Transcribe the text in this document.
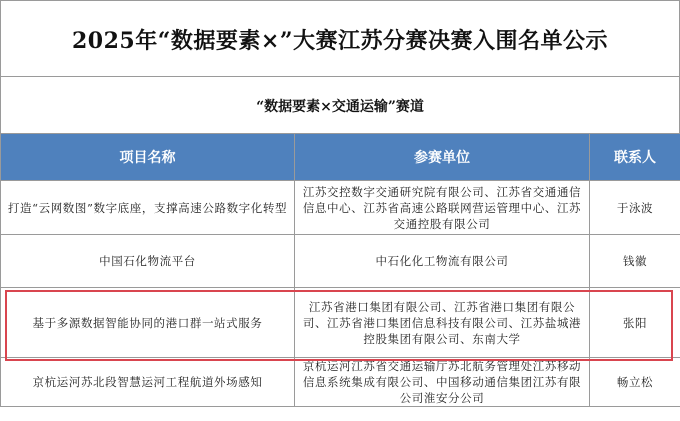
2025年“数据要素×”大赛江苏分赛决赛入围名单公示
“数据要素×交通运输”赛道
项目名称	参赛单位	联系人
打造“云网数图”数字底座，支撑高速公路数字化转型	江苏交控数字交通研究院有限公司、江苏省交通通信信息中心、江苏省高速公路联网营运管理中心、江苏交通控股有限公司	于泳波
中国石化物流平台	中石化化工物流有限公司	钱徽
基于多源数据智能协同的港口群一站式服务	江苏省港口集团有限公司、江苏省港口集团有限公司、江苏省港口集团信息科技有限公司、江苏盐城港控股集团有限公司、东南大学	张阳
京杭运河苏北段智慧运河工程航道外场感知	京杭运河江苏省交通运输厅苏北航务管理处江苏移动信息系统集成有限公司、中国移动通信集团江苏有限公司淮安分公司	畅立松
